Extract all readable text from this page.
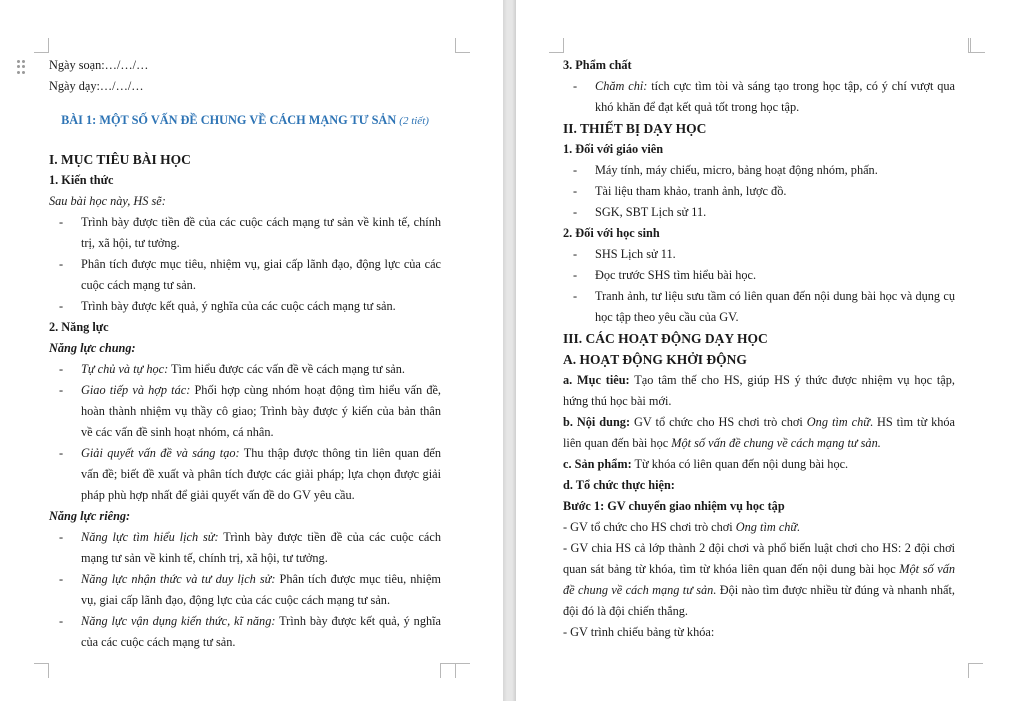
Ngày soạn:…/…/…

Ngày dạy:…/…/…

BÀI 1: MỘT SỐ VẤN ĐỀ CHUNG VỀ CÁCH MẠNG TƯ SẢN (2 tiết)

I. MỤC TIÊU BÀI HỌC

1. Kiến thức

Sau bài học này, HS sẽ:

- Trình bày được tiền đề của các cuộc cách mạng tư sản về kinh tế, chính trị, xã hội, tư tưởng.

- Phân tích được mục tiêu, nhiệm vụ, giai cấp lãnh đạo, động lực của các cuộc cách mạng tư sản.

- Trình bày được kết quả, ý nghĩa của các cuộc cách mạng tư sản.

2. Năng lực

Năng lực chung:

- Tự chủ và tự học: Tìm hiểu được các vấn đề về cách mạng tư sản.

- Giao tiếp và hợp tác: Phối hợp cùng nhóm hoạt động tìm hiểu vấn đề, hoàn thành nhiệm vụ thầy cô giao; Trình bày được ý kiến của bản thân về các vấn đề sinh hoạt nhóm, cá nhân.

- Giải quyết vấn đề và sáng tạo: Thu thập được thông tin liên quan đến vấn đề; biết đề xuất và phân tích được các giải pháp; lựa chọn được giải pháp phù hợp nhất để giải quyết vấn đề do GV yêu cầu.

Năng lực riêng:

- Năng lực tìm hiểu lịch sử: Trình bày được tiền đề của các cuộc cách mạng tư sản về kinh tế, chính trị, xã hội, tư tưởng.

- Năng lực nhận thức và tư duy lịch sử: Phân tích được mục tiêu, nhiệm vụ, giai cấp lãnh đạo, động lực của các cuộc cách mạng tư sản.

- Năng lực vận dụng kiến thức, kĩ năng: Trình bày được kết quả, ý nghĩa của các cuộc cách mạng tư sản.

3. Phẩm chất

- Chăm chỉ: tích cực tìm tòi và sáng tạo trong học tập, có ý chí vượt qua khó khăn để đạt kết quả tốt trong học tập.

II. THIẾT BỊ DẠY HỌC

1. Đối với giáo viên

- Máy tính, máy chiếu, micro, bảng hoạt động nhóm, phấn.

- Tài liệu tham khảo, tranh ảnh, lược đồ.

- SGK, SBT Lịch sử 11.

2. Đối với học sinh

- SHS Lịch sử 11.

- Đọc trước SHS tìm hiểu bài học.

- Tranh ảnh, tư liệu sưu tầm có liên quan đến nội dung bài học và dụng cụ học tập theo yêu cầu của GV.

III. CÁC HOẠT ĐỘNG DẠY HỌC

A. HOẠT ĐỘNG KHỞI ĐỘNG

a. Mục tiêu: Tạo tâm thế cho HS, giúp HS ý thức được nhiệm vụ học tập, hứng thú học bài mới.

b. Nội dung: GV tổ chức cho HS chơi trò chơi Ong tìm chữ. HS tìm từ khóa liên quan đến bài học Một số vấn đề chung về cách mạng tư sản.

c. Sản phẩm: Từ khóa có liên quan đến nội dung bài học.

d. Tổ chức thực hiện:

Bước 1: GV chuyển giao nhiệm vụ học tập

- GV tổ chức cho HS chơi trò chơi Ong tìm chữ.

- GV chia HS cả lớp thành 2 đội chơi và phổ biến luật chơi cho HS: 2 đội chơi quan sát bảng từ khóa, tìm từ khóa liên quan đến nội dung bài học Một số vấn đề chung về cách mạng tư sản. Đội nào tìm được nhiều từ đúng và nhanh nhất, đội đó là đội chiến thắng.

- GV trình chiếu bảng từ khóa:
